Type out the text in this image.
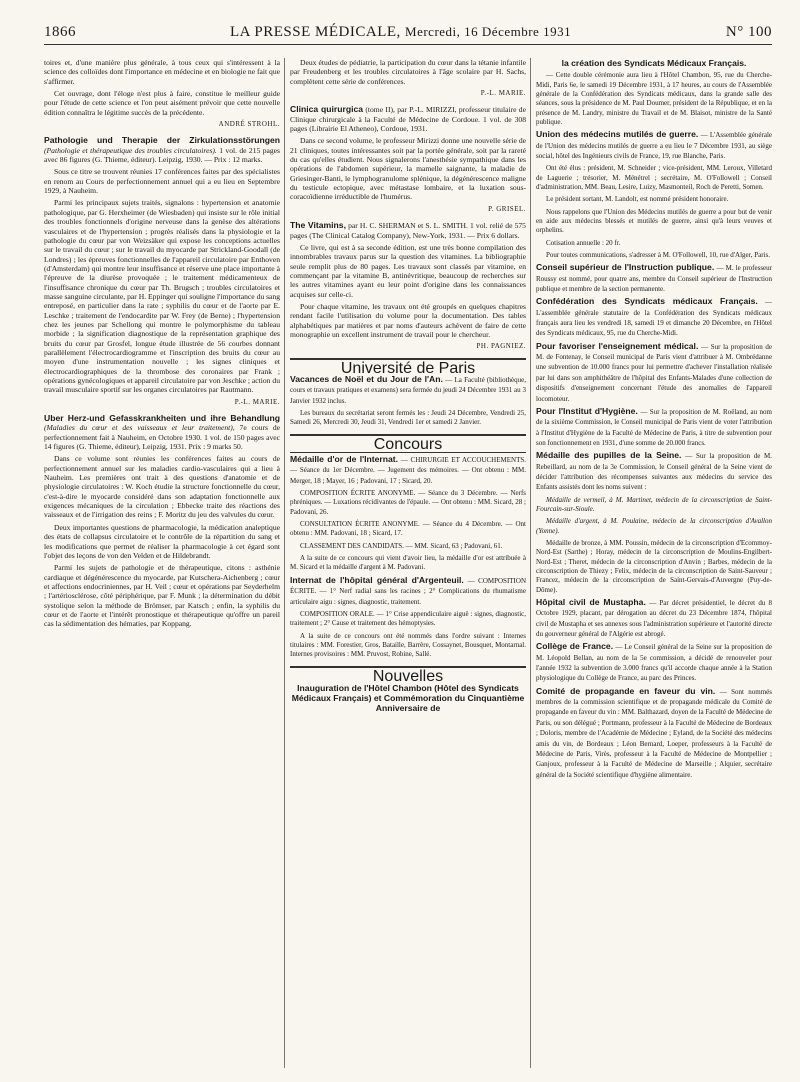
1866	LA PRESSE MÉDICALE, Mercredi, 16 Décembre 1931	N° 100

toires et, d'une manière plus générale, à tous ceux qui s'intéressent à la science des colloïdes dont l'importance en médecine et en biologie ne fait que s'affirmer.

Cet ouvrage, dont l'éloge n'est plus à faire, constitue le meilleur guide pour l'étude de cette science et l'on peut aisément prévoir que cette nouvelle édition connaîtra le légitime succès de la précédente.

ANDRÉ STROHL.

Pathologie und Therapie der Zirkulationsstörungen (Pathologie et thérapeutique des troubles circulatoires). 1 vol. de 215 pages avec 86 figures (G. Thieme, éditeur). Leipzig, 1930. — Prix : 12 marks.

Sous ce titre se trouvent réunies 17 conférences faites par des spécialistes en renom au Cours de perfectionnement annuel qui a eu lieu en Septembre 1929, à Nauheim.

Parmi les principaux sujets traités, signalons : hypertension et anatomie pathologique, par G. Herxheimer (de Wiesbaden) qui insiste sur le rôle initial des troubles fonctionnels d'origine nerveuse dans la genèse des altérations vasculaires et de l'hypertension ; progrès réalisés dans la physiologie et la pathologie du cœur par von Weizsäker qui expose les conceptions actuelles sur le travail du cœur ; sur le travail du myocarde par Strickland-Goodall (de Londres) ; les épreuves fonctionnelles de l'appareil circulatoire par Enthoven (d'Amsterdam) qui montre leur insuffisance et réserve une place importante à l'épreuve de la diurèse provoquée ; le traitement médicamenteux de l'insuffisance chronique du cœur par Th. Brugsch ; troubles circulatoires et masse sanguine circulante, par H. Eppinger qui souligne l'importance du sang entreposé, en particulier dans la rate ; syphilis du cœur et de l'aorte par E. Leschke ; traitement de l'endocardite par W. Frey (de Berne) ; l'hypertension chez les jeunes par Schellong qui montre le polymorphisme du tableau morbide ; la signification diagnostique de la représentation graphique des bruits du cœur par Grosfel, longue étude illustrée de 56 courbes donnant parallèlement l'électrocardiogramme et l'inscription des bruits du cœur au moyen d'une instrumentation nouvelle ; les signes cliniques et électrocardiographiques de la thrombose des coronaires par Frank ; opérations gynécologiques et appareil circulatoire par von Jeschke ; action du travail musculaire sportif sur les organes circulatoires par Rautmann.

P.-L. MARIE.

Uber Herz-und Gefasskrankheiten und ihre Behandlung (Maladies du cœur et des vaisseaux et leur traitement), 7e cours de perfectionnement fait à Nauheim, en Octobre 1930. 1 vol. de 150 pages avec 14 figures (G. Thieme, éditeur), Leipzig, 1931. Prix : 9 marks 50.

Dans ce volume sont réunies les conférences faites au cours de perfectionnement annuel sur les maladies cardio-vasculaires qui a lieu à Nauheim. Les premières ont trait à des questions d'anatomie et de physiologie circulatoires : W. Koch étudie la structure fonctionnelle du cœur, c'est-à-dire le myocarde considéré dans son adaptation fonctionnelle aux exigences mécaniques de la circulation ; Ebbecke traite des réactions des vaisseaux et de l'irrigation des reins ; F. Moritz du jeu des valvules du cœur.

Deux importantes questions de pharmacologie, la médication analeptique des états de collapsus circulatoire et le contrôle de la répartition du sang et les modifications que permet de réaliser la pharmacologie à cet égard sont l'objet des leçons de von den Velden et de Hildebrandt.

Parmi les sujets de pathologie et de thérapeutique, citons : asthénie cardiaque et dégénérescence du myocarde, par Kutschera-Aichenberg ; cœur et affections endocriniennes, par H. Veil ; cœur et opérations par Seyderhelm ; l'artériosclérose, côté périphérique, par F. Munk ; la détermination du débit systolique selon la méthode de Brömser, par Katsch ; enfin, la syphilis du cœur et de l'aorte et l'intérêt pronostique et thérapeutique qu'offre un pareil cas la sédimentation des hématies, par Koppang.

Deux études de pédiatrie, la participation du cœur dans la tétanie infantile par Freudenberg et les troubles circulatoires à l'âge scolaire par H. Sachs, complètent cette série de conférences.

P.-L. MARIE.

Clinica quirurgica (tome II), par P.-L. MIRIZZI, professeur titulaire de Clinique chirurgicale à la Faculté de Médecine de Cordoue. 1 vol. de 308 pages (Librairie El Atheneo), Cordoue, 1931.

Dans ce second volume, le professeur Mirizzi donne une nouvelle série de 21 cliniques, toutes intéressantes soit par la portée générale, soit par la rareté du cas qu'elles étudient. Nous signalerons l'anesthésie sympathique dans les opérations de l'abdomen supérieur, la mamelle saignante, la maladie de Griesinger-Banti, le lymphogranulome splénique, la dégénérescence maligne du testicule ectopique, avec métastase lombaire, et la luxation sous-coracoïdienne irréductible de l'humérus.

P. GRISEL.

The Vitamins, par H. C. SHERMAN et S. L. SMITH. 1 vol. relié de 575 pages (The Clinical Catalog Company), New-York, 1931. — Prix 6 dollars.

Ce livre, qui est à sa seconde édition, est une très bonne compilation des innombrables travaux parus sur la question des vitamines. La bibliographie seule remplit plus de 80 pages. Les travaux sont classés par vitamine, en commençant par la vitamine B, antinévritique, beaucoup de recherches sur les autres vitamines ayant eu leur point d'origine dans les connaissances acquises sur celle-ci.

Pour chaque vitamine, les travaux ont été groupés en quelques chapitres rendant facile l'utilisation du volume pour la documentation. Des tables alphabétiques par matières et par noms d'auteurs achèvent de faire de cette monographie un excellent instrument de travail pour le chercheur.

PH. PAGNIEZ.
Université de Paris

Vacances de Noël et du Jour de l'An. — La Faculté (bibliothèque, cours et travaux pratiques et examens) sera fermée du jeudi 24 Décembre 1931 au 3 Janvier 1932 inclus.

Les bureaux du secrétariat seront fermés les : Jeudi 24 Décembre, Vendredi 25, Samedi 26, Mercredi 30, Jeudi 31, Vendredi 1er et samedi 2 Janvier.

Concours

Médaille d'or de l'Internat. — CHIRURGIE ET ACCOUCHEMENTS. — Séance du 1er Décembre. — Jugement des mémoires. — Ont obtenu : MM. Merger, 18 ; Mayer, 16 ; Padovani, 17 ; Sicard, 20.

COMPOSITION ÉCRITE ANONYME. — Séance du 3 Décembre. — Nerfs phréniques. — Luxations récidivantes de l'épaule. — Ont obtenu : MM. Sicard, 28 ; Padovani, 26.

CONSULTATION ÉCRITE ANONYME. — Séance du 4 Décembre. — Ont obtenu : MM. Padovani, 18 ; Sicard, 17.

CLASSEMENT DES CANDIDATS. — MM. Sicard, 63 ; Padovani, 61.

A la suite de ce concours qui vient d'avoir lieu, la médaille d'or est attribuée à M. Sicard et la médaille d'argent à M. Padovani.

Internat de l'hôpital général d'Argenteuil. — COMPOSITION ÉCRITE. — 1° Nerf radial sans les racines ; 2° Complications du rhumatisme articulaire aigu : signes, diagnostic, traitement.

COMPOSITION ORALE. — 1° Crise appendiculaire aiguë : signes, diagnostic, traitement ; 2° Cause et traitement des hémoptysies.

A la suite de ce concours ont été nommés dans l'ordre suivant : Internes titulaires : MM. Forestier, Gros, Bataille, Barrère, Cossaynet, Bousquet, Montarnal. Internes provisoires : MM. Pruvost, Robine, Sallé.

Nouvelles

Inauguration de l'Hôtel Chambon (Hôtel des Syndicats Médicaux Français) et Commémoration du Cinquantième Anniversaire de

la création des Syndicats Médicaux Français.

— Cette double cérémonie aura lieu à l'Hôtel Chambon, 95, rue du Cherche-Midi, Paris 6e, le samedi 19 Décembre 1931, à 17 heures, au cours de l'Assemblée générale de la Confédération des Syndicats médicaux, dans la grande salle des séances, sous la présidence de M. Paul Doumer, président de la République, et en la présence de M. Landry, ministre du Travail et de M. Blaisot, ministre de la Santé publique.

Union des médecins mutilés de guerre. — L'Assemblée générale de l'Union des médecins mutilés de guerre a eu lieu le 7 Décembre 1931, au siège social, hôtel des Ingénieurs civils de France, 19, rue Blanche, Paris.

Ont été élus : président, M. Schneider ; vice-président, MM. Leroux, Villetard de Laguerie ; trésorier, M. Ménétrel ; secrétaire, M. O'Followell ; Conseil d'administration, MM. Beau, Lesire, Luizy, Masmonteil, Roch de Peretti, Somen.

Le président sortant, M. Landolt, est nommé président honoraire.

Nous rappelons que l'Union des Médecins mutilés de guerre a pour but de venir en aide aux médecins blessés et mutilés de guerre, ainsi qu'à leurs veuves et orphelins.

Cotisation annuelle : 20 fr.

Pour toutes communications, s'adresser à M. O'Followell, 10, rue d'Alger, Paris.

Conseil supérieur de l'Instruction publique. — M. le professeur Roussy est nommé, pour quatre ans, membre du Conseil supérieur de l'Instruction publique et membre de la section permanente.

Confédération des Syndicats médicaux Français. — L'assemblée générale statutaire de la Confédération des Syndicats médicaux français aura lieu les vendredi 18, samedi 19 et dimanche 20 Décembre, en l'Hôtel des Syndicats médicaux, 95, rue du Cherche-Midi.

Pour favoriser l'enseignement médical. — Sur la proposition de M. de Fontenay, le Conseil municipal de Paris vient d'attribuer à M. Ombrédanne une subvention de 10.000 francs pour lui permettre d'achever l'installation réalisée par lui dans son amphithéâtre de l'hôpital des Enfants-Malades d'une collection de dispositifs d'enseignement concernant l'étude des anomalies de l'appareil locomoteur.

Pour l'Institut d'Hygiène. — Sur la proposition de M. Roëland, au nom de la sixième Commission, le Conseil municipal de Paris vient de voter l'attribution à l'Institut d'Hygiène de la Faculté de Médecine de Paris, à titre de subvention pour son fonctionnement en 1931, d'une somme de 20.000 francs.

Médaille des pupilles de la Seine. — Sur la proposition de M. Rebeillard, au nom de la 3e Commission, le Conseil général de la Seine vient de décider l'attribution des récompenses suivantes aux médecins du service des Enfants assistés dont les noms suivent :

Médaille de vermeil, à M. Martinet, médecin de la circonscription de Saint-Fourcain-sur-Sioule.

Médaille d'argent, à M. Poulaine, médecin de la circonscription d'Avallon (Yonne).

Médaille de bronze, à MM. Poussin, médecin de la circonscription d'Ecommoy-Nord-Est (Sarthe) ; Horay, médecin de la circonscription de Moulins-Engilbert-Nord-Est ; Theret, médecin de la circonscription d'Anvin ; Barbes, médecin de la circonscription de Thiezy ; Felix, médecin de la circonscription de Saint-Sauveur ; Francez, médecin de la circonscription de Saint-Gervais-d'Auvergne (Puy-de-Dôme).

Hôpital civil de Mustapha. — Par décret présidentiel, le décret du 8 Octobre 1929, placant, par dérogation au décret du 23 Décembre 1874, l'hôpital civil de Mustapha et ses annexes sous l'administration supérieure et l'autorité directe du gouverneur général de l'Algérie est abrogé.

Collège de France. — Le Conseil général de la Seine sur la proposition de M. Léopold Bellan, au nom de la 5e commission, a décidé de renouveler pour l'année 1932 la subvention de 3.000 francs qu'il accorde chaque année à la Station physiologique du Collège de France, au parc des Princes.

Comité de propagande en faveur du vin. — Sont nommés membres de la commission scientifique et de propagande médicale du Comité de propagande en faveur du vin : MM. Balthazard, doyen de la Faculté de Médecine de Paris, ou son délégué ; Portmann, professeur à la Faculté de Médecine de Bordeaux ; Doloris, membre de l'Académie de Médecine ; Eyland, de la Société des médecins amis du vin, de Bordeaux ; Léon Bernard, Loeper, professeurs à la Faculté de Médecine de Paris, Virès, professeur à la Faculté de Médecine de Montpellier ; Ganjoux, professeur à la Faculté de Médecine de Marseille ; Alquier, secrétaire général de la Société scientifique d'hygiène alimentaire.
